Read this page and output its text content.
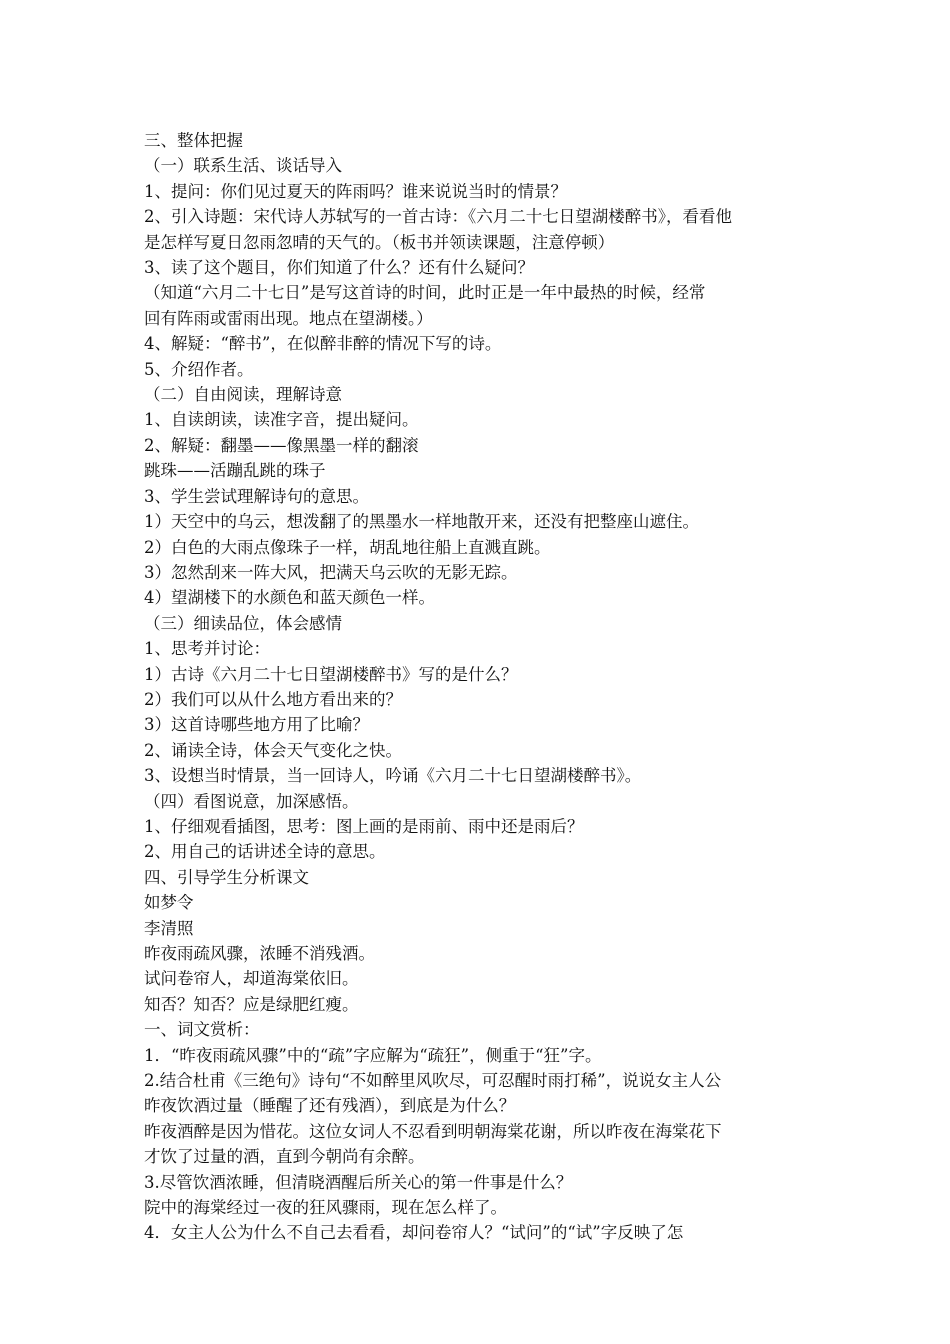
三、整体把握

（一）联系生活、谈话导入

1、提问：你们见过夏天的阵雨吗？谁来说说当时的情景？

2、引入诗题：宋代诗人苏轼写的一首古诗：《六月二十七日望湖楼醉书》，看看他

是怎样写夏日忽雨忽晴的天气的。（板书并领读课题，注意停顿）

3、读了这个题目，你们知道了什么？还有什么疑问？

（知道“六月二十七日”是写这首诗的时间，此时正是一年中最热的时候，经常

回有阵雨或雷雨出现。地点在望湖楼。）

4、解疑：“醉书”，在似醉非醉的情况下写的诗。

5、介绍作者。

（二）自由阅读，理解诗意

1、自读朗读，读准字音，提出疑问。

2、解疑：翻墨——像黑墨一样的翻滚

跳珠——活蹦乱跳的珠子

3、学生尝试理解诗句的意思。

1）天空中的乌云，想泼翻了的黑墨水一样地散开来，还没有把整座山遮住。

2）白色的大雨点像珠子一样，胡乱地往船上直溅直跳。

3）忽然刮来一阵大风，把满天乌云吹的无影无踪。

4）望湖楼下的水颜色和蓝天颜色一样。

（三）细读品位，体会感情

1、思考并讨论：

1）古诗《六月二十七日望湖楼醉书》写的是什么？

2）我们可以从什么地方看出来的？

3）这首诗哪些地方用了比喻？

2、诵读全诗，体会天气变化之快。

3、设想当时情景，当一回诗人，吟诵《六月二十七日望湖楼醉书》。

（四）看图说意，加深感悟。

1、仔细观看插图，思考：图上画的是雨前、雨中还是雨后？

2、用自己的话讲述全诗的意思。

四、引导学生分析课文

如梦令

李清照

昨夜雨疏风骤，浓睡不消残酒。

试问卷帘人，却道海棠依旧。

知否？知否？应是绿肥红瘦。

一、词文赏析：

1．“昨夜雨疏风骤”中的“疏”字应解为“疏狂”，侧重于“狂”字。

2.结合杜甫《三绝句》诗句“不如醉里风吹尽，可忍醒时雨打稀”，说说女主人公

昨夜饮酒过量（睡醒了还有残酒），到底是为什么？

昨夜酒醉是因为惜花。这位女词人不忍看到明朝海棠花谢，所以昨夜在海棠花下

才饮了过量的酒，直到今朝尚有余醉。

3.尽管饮酒浓睡，但清晓酒醒后所关心的第一件事是什么？

院中的海棠经过一夜的狂风骤雨，现在怎么样了。

4．女主人公为什么不自己去看看，却问卷帘人？“试问”的“试”字反映了怎
